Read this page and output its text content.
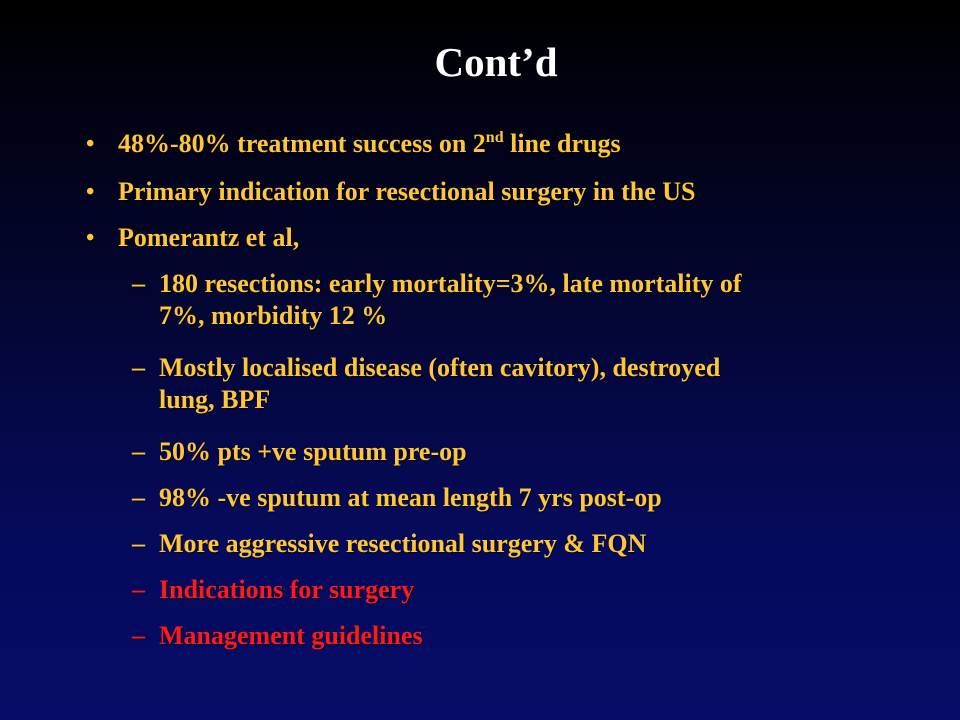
Cont’d
• 48%-80% treatment success on 2nd line drugs
• Primary indication for resectional surgery in the US
• Pomerantz et al,
– 180 resections: early mortality=3%, late mortality of
7%, morbidity 12 %
– Mostly localised disease (often cavitory), destroyed
lung, BPF
– 50% pts +ve sputum pre-op
– 98% -ve sputum at mean length 7 yrs post-op
– More aggressive resectional surgery & FQN
– Indications for surgery
– Management guidelines
